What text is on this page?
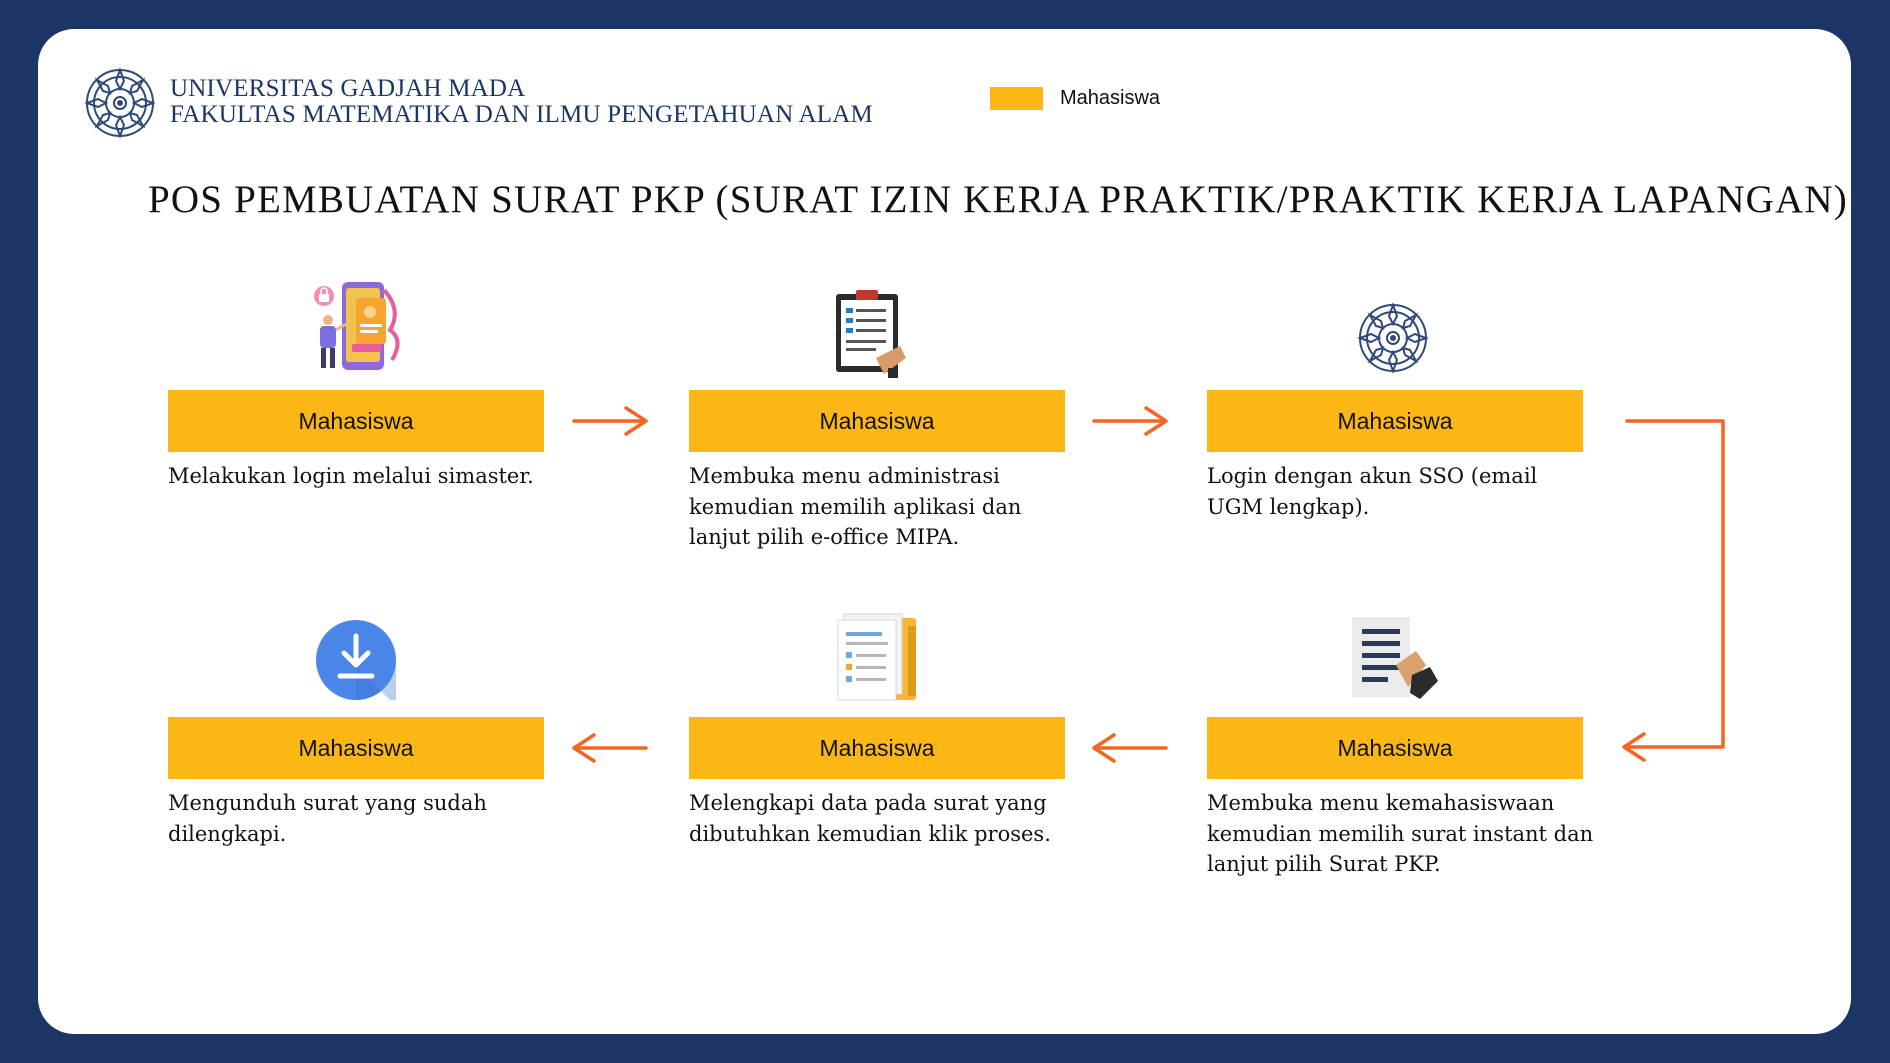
UNIVERSITAS GADJAH MADA
FAKULTAS MATEMATIKA DAN ILMU PENGETAHUAN ALAM
Mahasiswa
POS PEMBUATAN SURAT PKP (SURAT IZIN KERJA PRAKTIK/PRAKTIK KERJA LAPANGAN)
Mahasiswa	Mahasiswa	Mahasiswa
Mahasiswa
Mahasiswa
Mahasiswa
Melakukan login melalui simaster.	Membuka menu administrasi kemudian memilih aplikasi dan lanjut pilih e-office MIPA.
Login dengan akun SSO (email UGM lengkap).
Membuka menu kemahasiswaan kemudian memilih surat instant dan lanjut pilih Surat PKP.
Melengkapi data pada surat yang dibutuhkan kemudian klik proses.
Mengunduh surat yang sudah dilengkapi.
